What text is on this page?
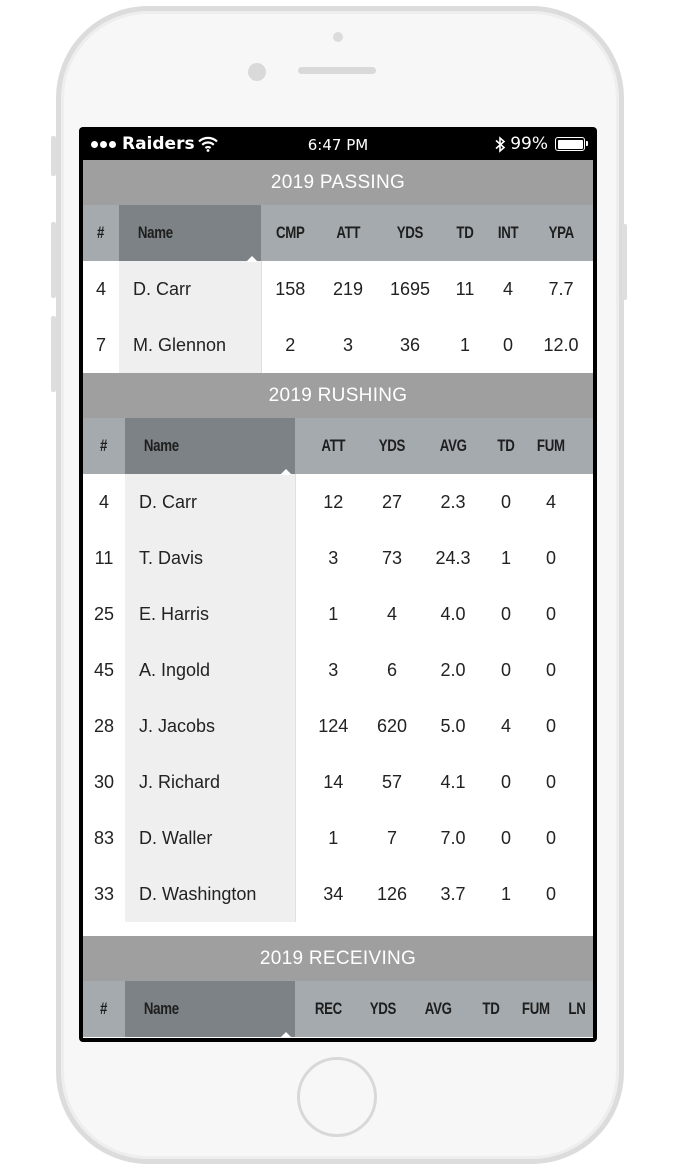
Raiders	6:47 PM	99%
2019 PASSING
#	Name	CMP	ATT	YDS	TD	INT	YPA
4	D. Carr	158	219	1695	11	4	7.7
7	M. Glennon	2	3	36	1	0	12.0
2019 RUSHING
#	Name	ATT	YDS	AVG	TD	FUM	
4	D. Carr	12	27	2.3	0	4	
11	T. Davis	3	73	24.3	1	0	
25	E. Harris	1	4	4.0	0	0	
45	A. Ingold	3	6	2.0	0	0	
28	J. Jacobs	124	620	5.0	4	0	
30	J. Richard	14	57	4.1	0	0	
83	D. Waller	1	7	7.0	0	0	
33	D. Washington	34	126	3.7	1	0	
2019 RECEIVING
#	Name	REC	YDS	AVG	TD	FUM	LN
